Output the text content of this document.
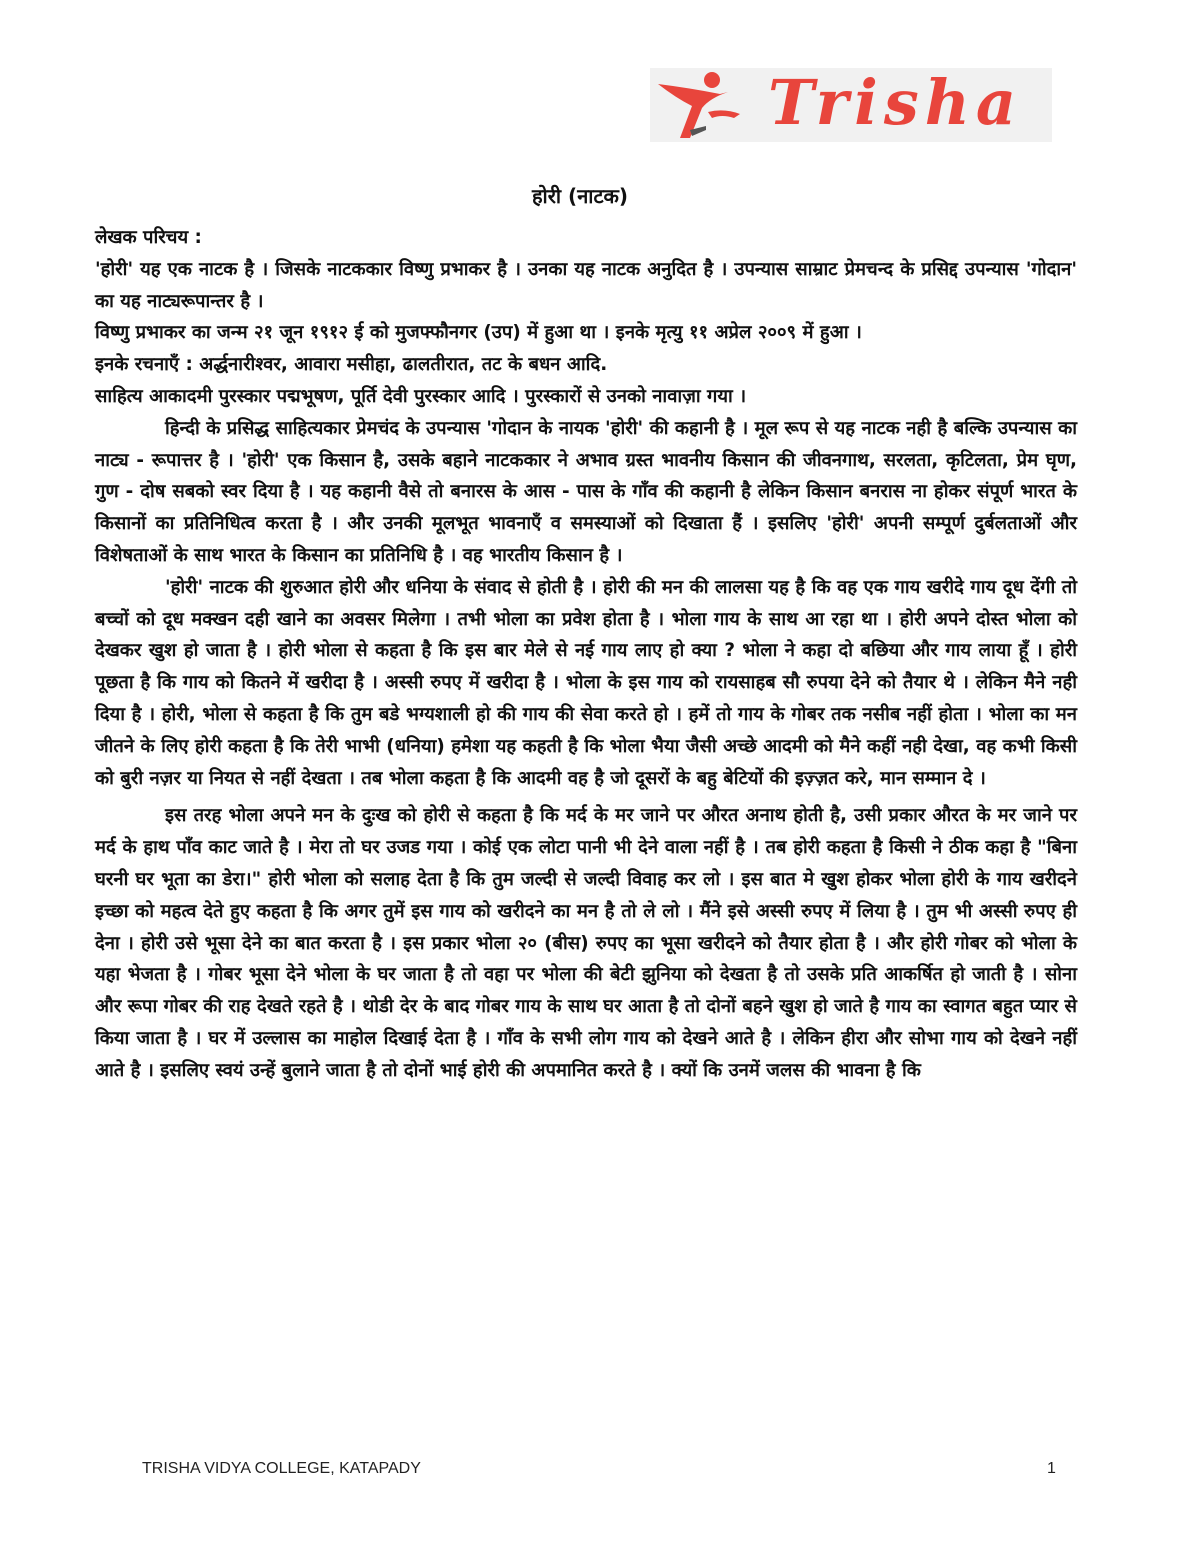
Trisha
होरी (नाटक)

लेखक परिचय :

'होरी' यह एक नाटक है । जिसके नाटककार विष्णु प्रभाकर है । उनका यह नाटक अनुदित है । उपन्यास साम्राट प्रेमचन्द के प्रसिद्द उपन्यास 'गोदान' का यह नाट्यरूपान्तर है ।

विष्णु प्रभाकर का जन्म २१ जून १९१२ ई को मुजफ्फौनगर (उप) में हुआ था । इनके मृत्यु ११ अप्रेल २००९ में हुआ ।

इनके रचनाएँ : अर्द्धनारीश्वर, आवारा मसीहा, ढालतीरात, तट के बधन आदि.

साहित्य आकादमी पुरस्कार पद्मभूषण, पूर्ति देवी पुरस्कार आदि । पुरस्कारों से उनको नावाज़ा गया ।

हिन्दी के प्रसिद्ध साहित्यकार प्रेमचंद के उपन्यास 'गोदान के नायक 'होरी' की कहानी है । मूल रूप से यह नाटक नही है बल्कि उपन्यास का नाट्य - रूपात्तर है । 'होरी' एक किसान है, उसके बहाने नाटककार ने अभाव ग्रस्त भावनीय किसान की जीवनगाथ, सरलता, कृटिलता, प्रेम घृण, गुण - दोष सबको स्वर दिया है । यह कहानी वैसे तो बनारस के आस - पास के गाँव की कहानी है लेकिन किसान बनरास ना होकर संपूर्ण भारत के किसानों का प्रतिनिधित्व करता है । और उनकी मूलभूत भावनाएँ व समस्याओं को दिखाता हैं । इसलिए 'होरी' अपनी सम्पूर्ण दुर्बलताओं और विशेषताओं के साथ भारत के किसान का प्रतिनिधि है । वह भारतीय किसान है ।

'होरी' नाटक की शुरुआत होरी और धनिया के संवाद से होती है । होरी की मन की लालसा यह है कि वह एक गाय खरीदे गाय दूध देंगी तो बच्चों को दूध मक्खन दही खाने का अवसर मिलेगा । तभी भोला का प्रवेश होता है । भोला गाय के साथ आ रहा था । होरी अपने दोस्त भोला को देखकर खुश हो जाता है । होरी भोला से कहता है कि इस बार मेले से नई गाय लाए हो क्या ? भोला ने कहा दो बछिया और गाय लाया हूँ । होरी पूछता है कि गाय को कितने में खरीदा है । अस्सी रुपए में खरीदा है । भोला के इस गाय को रायसाहब सौ रुपया देने को तैयार थे । लेकिन मैने नही दिया है । होरी, भोला से कहता है कि तुम बडे भग्यशाली हो की गाय की सेवा करते हो । हमें तो गाय के गोबर तक नसीब नहीं होता । भोला का मन जीतने के लिए होरी कहता है कि तेरी भाभी (धनिया) हमेशा यह कहती है कि भोला भैया जैसी अच्छे आदमी को मैने कहीं नही देखा, वह कभी किसी को बुरी नज़र या नियत से नहीं देखता । तब भोला कहता है कि आदमी वह है जो दूसरों के बहु बेटियों की इज़्ज़त करे, मान सम्मान दे ।

इस तरह भोला अपने मन के दुःख को होरी से कहता है कि मर्द के मर जाने पर औरत अनाथ होती है, उसी प्रकार औरत के मर जाने पर मर्द के हाथ पाँव काट जाते है । मेरा तो घर उजड गया । कोई एक लोटा पानी भी देने वाला नहीं है । तब होरी कहता है किसी ने ठीक कहा है "बिना घरनी घर भूता का डेरा।" होरी भोला को सलाह देता है कि तुम जल्दी से जल्दी विवाह कर लो । इस बात मे खुश होकर भोला होरी के गाय खरीदने इच्छा को महत्व देते हुए कहता है कि अगर तुमें इस गाय को खरीदने का मन है तो ले लो । मैंने इसे अस्सी रुपए में लिया है । तुम भी अस्सी रुपए ही देना । होरी उसे भूसा देने का बात करता है । इस प्रकार भोला २० (बीस) रुपए का भूसा खरीदने को तैयार होता है । और होरी गोबर को भोला के यहा भेजता है । गोबर भूसा देने भोला के घर जाता है तो वहा पर भोला की बेटी झुनिया को देखता है तो उसके प्रति आकर्षित हो जाती है । सोना और रूपा गोबर की राह देखते रहते है । थोडी देर के बाद गोबर गाय के साथ घर आता है तो दोनों बहने खुश हो जाते है गाय का स्वागत बहुत प्यार से किया जाता है । घर में उल्लास का माहोल दिखाई देता है । गाँव के सभी लोग गाय को देखने आते है । लेकिन हीरा और सोभा गाय को देखने नहीं आते है । इसलिए स्वयं उन्हें बुलाने जाता है तो दोनों भाई होरी की अपमानित करते है । क्यों कि उनमें जलस की भावना है कि

TRISHA VIDYA COLLEGE, KATAPADY	1
